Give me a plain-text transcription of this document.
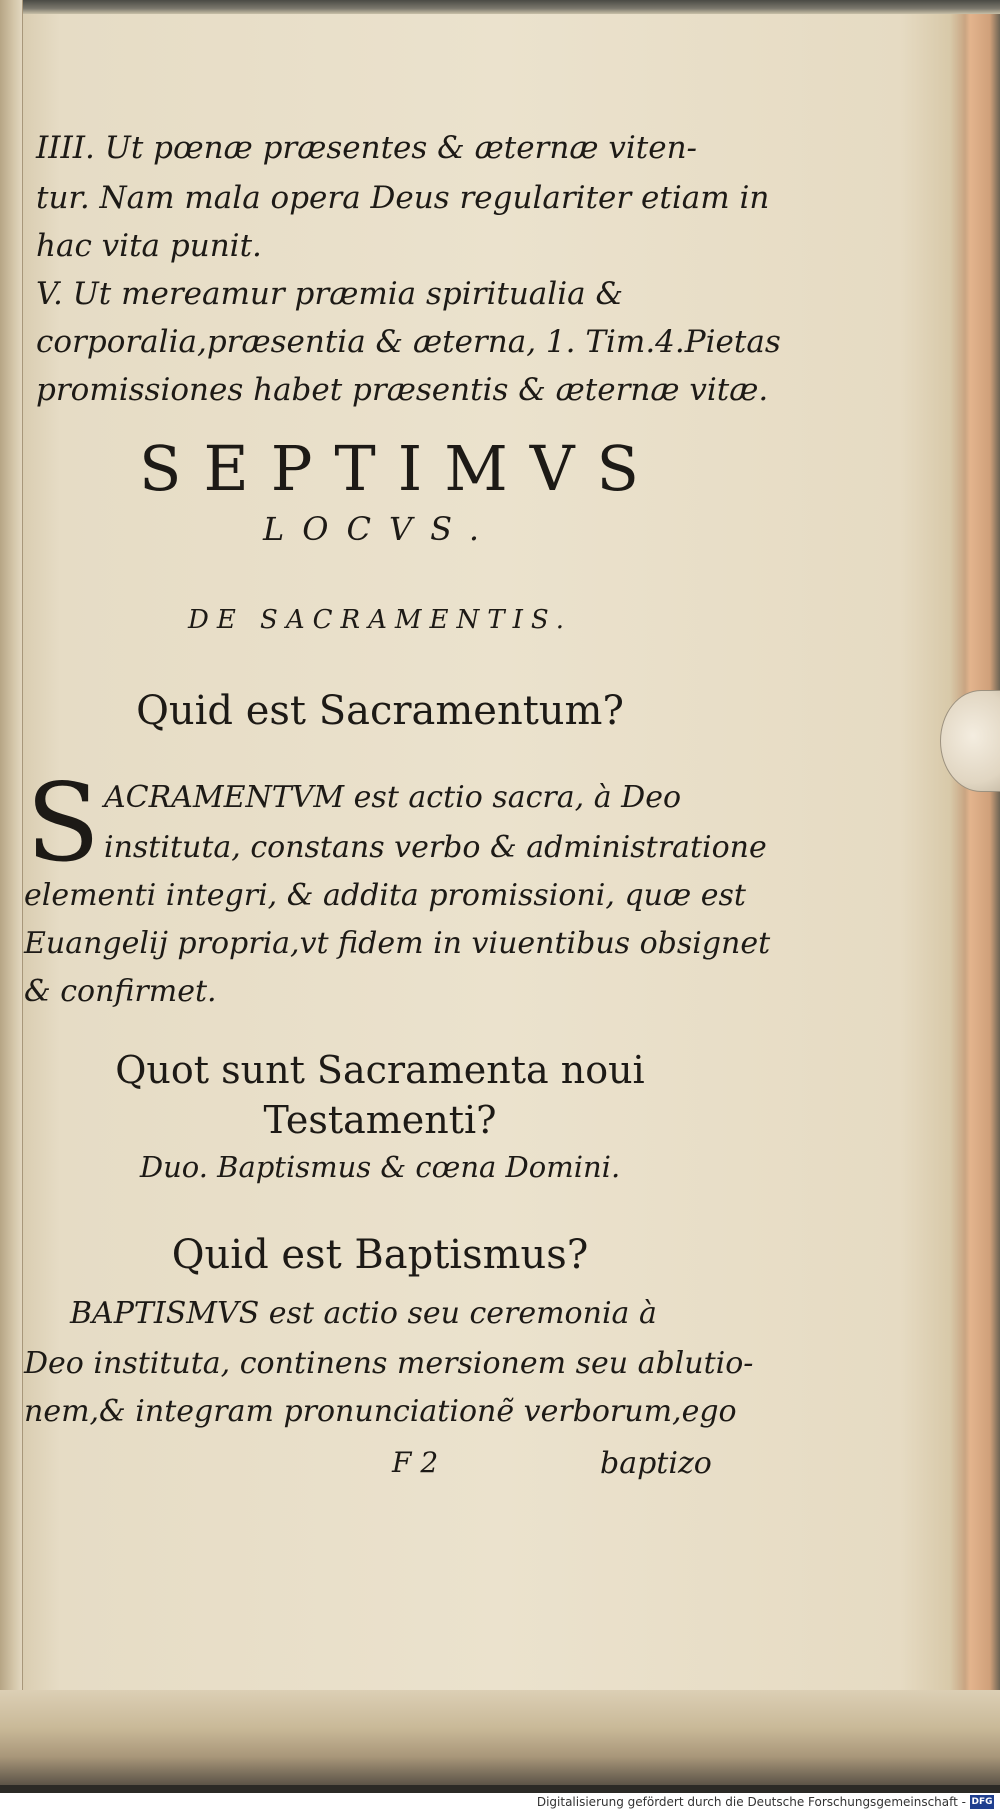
IIII. Ut pœnæ præsentes & æternæ viten-
tur. Nam mala opera Deus regulariter etiam in
hac vita punit.
V. Ut mereamur præmia spiritualia &
corporalia,præsentia & æterna, 1. Tim.4.Pietas
promissiones habet præsentis & æternæ vitæ.
SEPTIMVS
LOCVS.
DE SACRAMENTIS.
Quid est Sacramentum?
S ACRAMENTVM est actio sacra, à Deo
instituta, constans verbo & administratione
elementi integri, & addita promissioni, quæ est
Euangelij propria,vt fidem in viuentibus obsignet
& confirmet.
Quot sunt Sacramenta noui
Testamenti?
Duo. Baptismus & cœna Domini.
Quid est Baptismus?
BAPTISMVS est actio seu ceremonia à
Deo instituta, continens mersionem seu ablutio-
nem,& integram pronunciationẽ verborum,ego
F 2	baptizo
Digitalisierung gefördert durch die Deutsche Forschungsgemeinschaft - DFG
